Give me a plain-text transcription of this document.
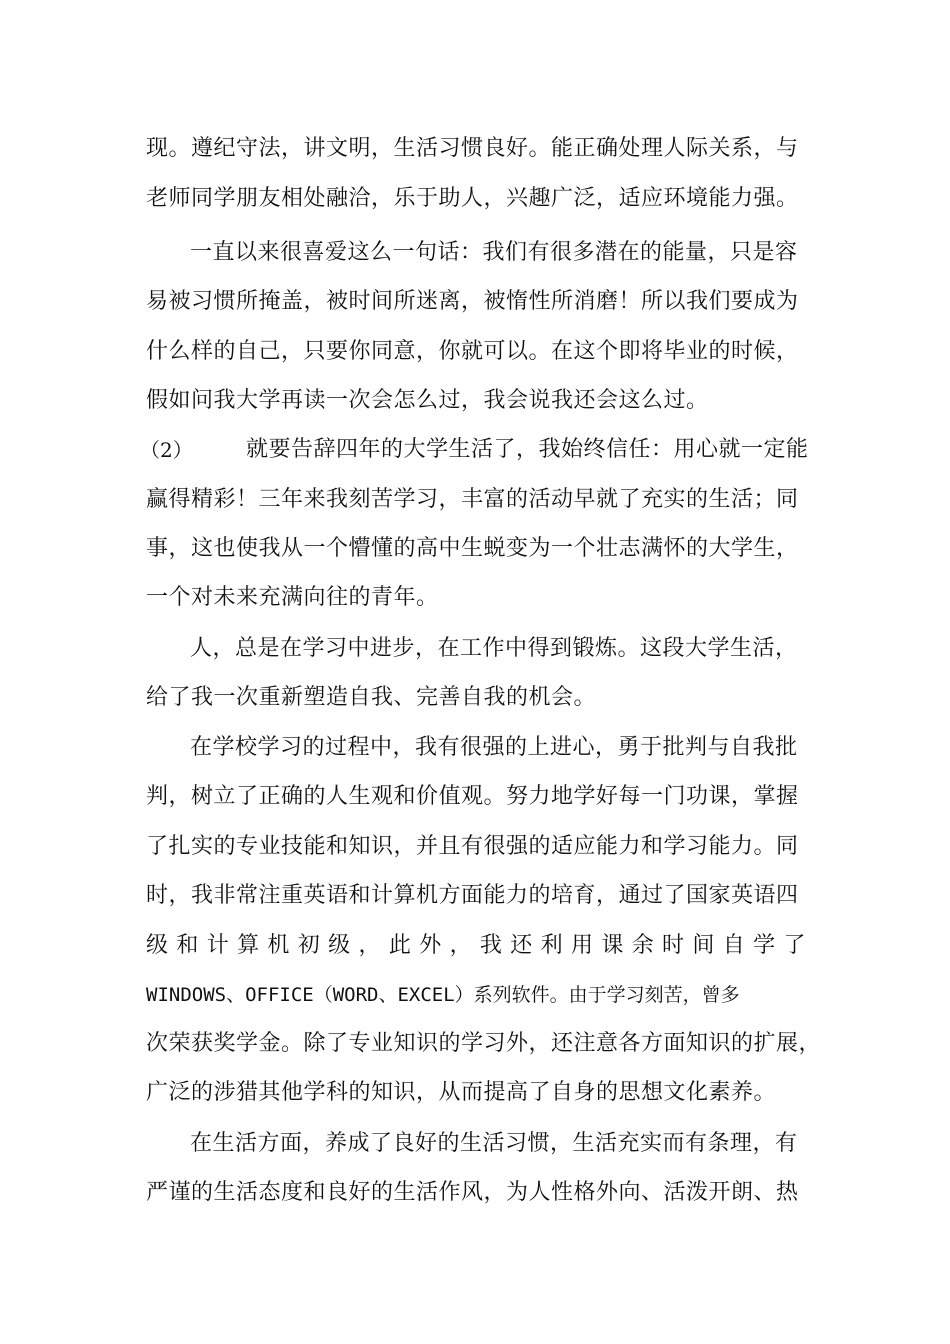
现。遵纪守法，讲文明，生活习惯良好。能正确处理人际关系，与
老师同学朋友相处融洽，乐于助人，兴趣广泛，适应环境能力强。
一直以来很喜爱这么一句话：我们有很多潜在的能量，只是容
易被习惯所掩盖，被时间所迷离，被惰性所消磨！所以我们要成为
什么样的自己，只要你同意，你就可以。在这个即将毕业的时候，
假如问我大学再读一次会怎么过，我会说我还会这么过。
（2） 就要告辞四年的大学生活了，我始终信任：用心就一定能
赢得精彩！三年来我刻苦学习，丰富的活动早就了充实的生活；同
事，这也使我从一个懵懂的高中生蜕变为一个壮志满怀的大学生，
一个对未来充满向往的青年。
人，总是在学习中进步，在工作中得到锻炼。这段大学生活，
给了我一次重新塑造自我、完善自我的机会。
在学校学习的过程中，我有很强的上进心，勇于批判与自我批
判，树立了正确的人生观和价值观。努力地学好每一门功课，掌握
了扎实的专业技能和知识，并且有很强的适应能力和学习能力。同
时，我非常注重英语和计算机方面能力的培育，通过了国家英语四
级和计算机初级，此外，我还利用课余时间自学了
WINDOWS、OFFICE（WORD、EXCEL）系列软件。由于学习刻苦，曾多
次荣获奖学金。除了专业知识的学习外，还注意各方面知识的扩展，
广泛的涉猎其他学科的知识，从而提高了自身的思想文化素养。
在生活方面，养成了良好的生活习惯，生活充实而有条理，有
严谨的生活态度和良好的生活作风，为人性格外向、活泼开朗、热
